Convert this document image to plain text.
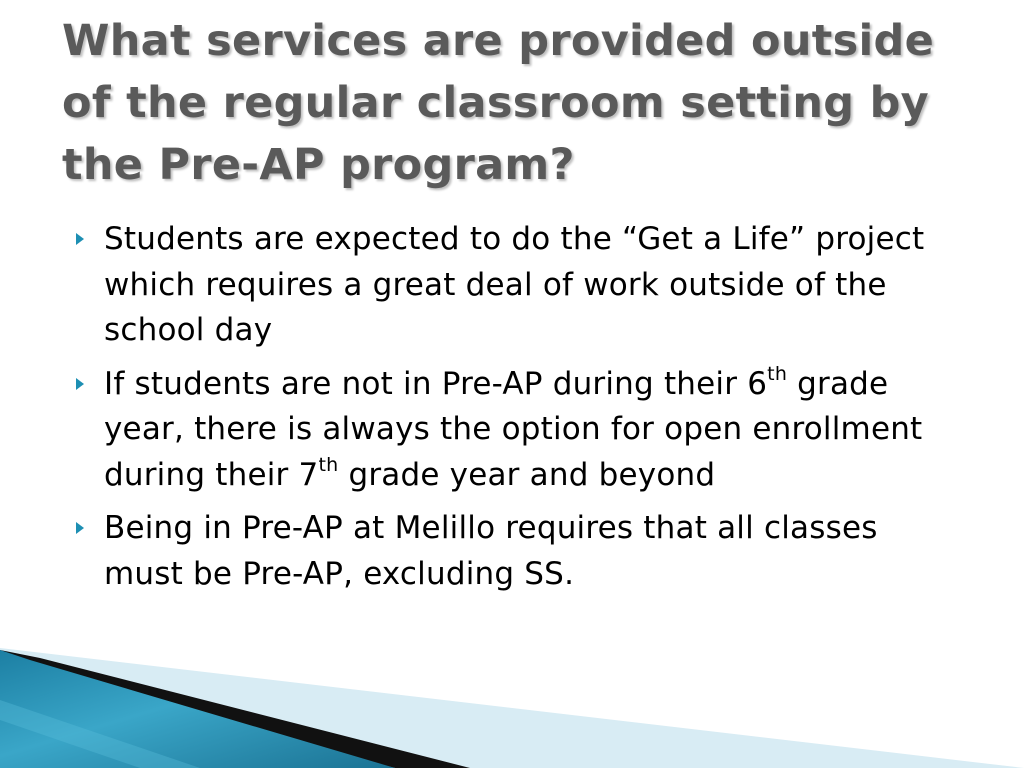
What services are provided outside of the regular classroom setting by the Pre-AP program?
Students are expected to do the “Get a Life” project which requires a great deal of work outside of the school day
If students are not in Pre-AP during their 6th grade year, there is always the option for open enrollment during their 7th grade year and beyond
Being in Pre-AP at Melillo requires that all classes must be Pre-AP, excluding SS.
